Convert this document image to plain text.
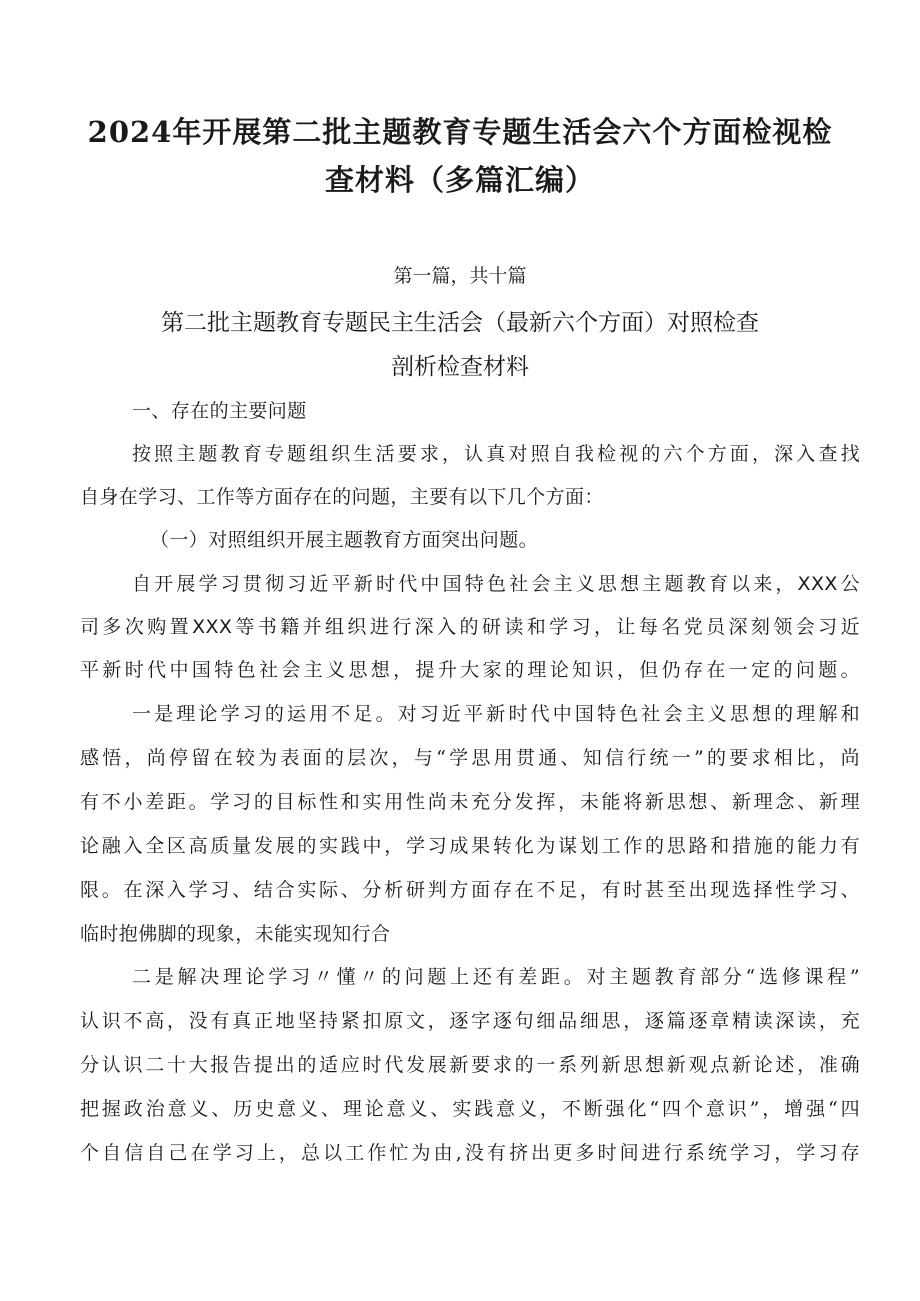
2024年开展第二批主题教育专题生活会六个方面检视检
查材料（多篇汇编）
第一篇，共十篇
第二批主题教育专题民主生活会（最新六个方面）对照检查
剖析检查材料
一、存在的主要问题
按照主题教育专题组织生活要求，认真对照自我检视的六个方面，深入查找
自身在学习、工作等方面存在的问题，主要有以下几个方面：
（一）对照组织开展主题教育方面突出问题。
自开展学习贯彻习近平新时代中国特色社会主义思想主题教育以来，XXX公
司多次购置XXX等书籍并组织进行深入的研读和学习，让每名党员深刻领会习近
平新时代中国特色社会主义思想，提升大家的理论知识，但仍存在一定的问题。
一是理论学习的运用不足。对习近平新时代中国特色社会主义思想的理解和
感悟，尚停留在较为表面的层次，与“学思用贯通、知信行统一”的要求相比，尚
有不小差距。学习的目标性和实用性尚未充分发挥，未能将新思想、新理念、新理
论融入全区高质量发展的实践中，学习成果转化为谋划工作的思路和措施的能力有
限。在深入学习、结合实际、分析研判方面存在不足，有时甚至出现选择性学习、
临时抱佛脚的现象，未能实现知行合
二是解决理论学习〃懂〃的问题上还有差距。对主题教育部分“选修课程”
认识不高，没有真正地坚持紧扣原文，逐字逐句细品细思，逐篇逐章精读深读，充
分认识二十大报告提出的适应时代发展新要求的一系列新思想新观点新论述，准确
把握政治意义、历史意义、理论意义、实践意义，不断强化“四个意识”，增强“四
个自信自己在学习上，总以工作忙为由,没有挤出更多时间进行系统学习，学习存
